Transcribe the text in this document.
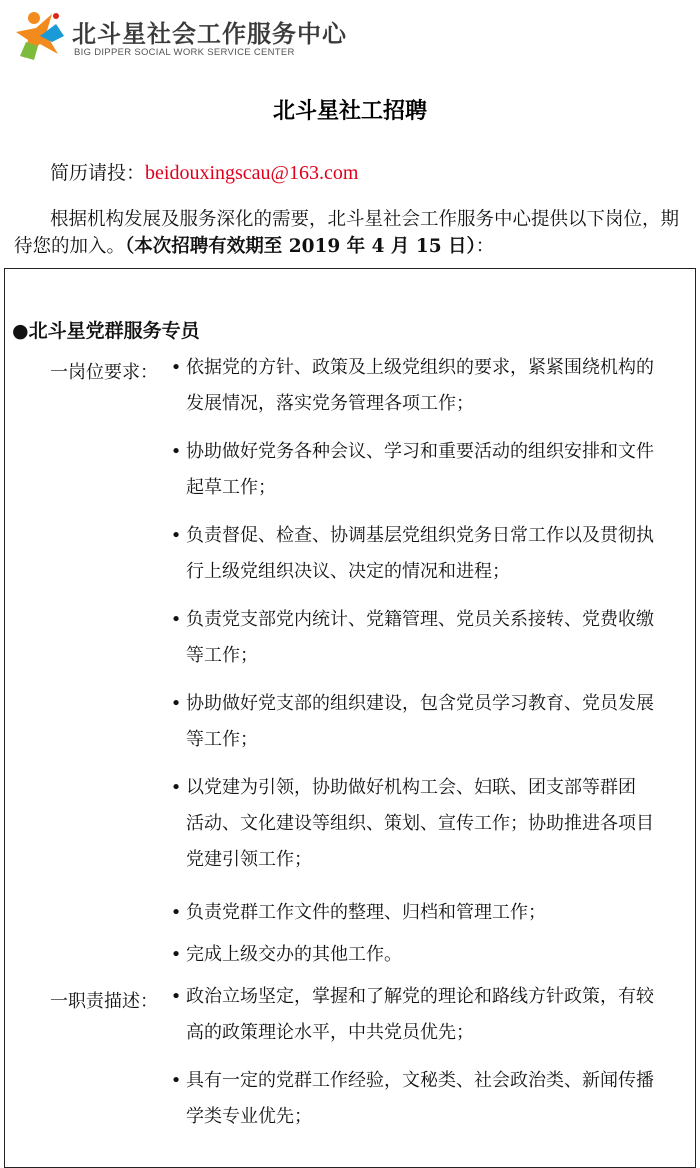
北斗星社会工作服务中心
BIG DIPPER SOCIAL WORK SERVICE CENTER
北斗星社工招聘
简历请投：beidouxingscau@163.com
根据机构发展及服务深化的需要，北斗星社会工作服务中心提供以下岗位，期待您的加入。（本次招聘有效期至 2019 年 4 月 15 日）：
●北斗星党群服务专员
一岗位要求： • 依据党的方针、政策及上级党组织的要求，紧紧围绕机构的
发展情况，落实党务管理各项工作；
• 协助做好党务各种会议、学习和重要活动的组织安排和文件
起草工作；
• 负责督促、检查、协调基层党组织党务日常工作以及贯彻执
行上级党组织决议、决定的情况和进程；
• 负责党支部党内统计、党籍管理、党员关系接转、党费收缴
等工作；
• 协助做好党支部的组织建设，包含党员学习教育、党员发展
等工作；
• 以党建为引领，协助做好机构工会、妇联、团支部等群团
活动、文化建设等组织、策划、宣传工作；协助推进各项目
党建引领工作；
• 负责党群工作文件的整理、归档和管理工作；
• 完成上级交办的其他工作。
一职责描述： • 政治立场坚定，掌握和了解党的理论和路线方针政策，有较
高的政策理论水平，中共党员优先；
• 具有一定的党群工作经验，文秘类、社会政治类、新闻传播
学类专业优先；
